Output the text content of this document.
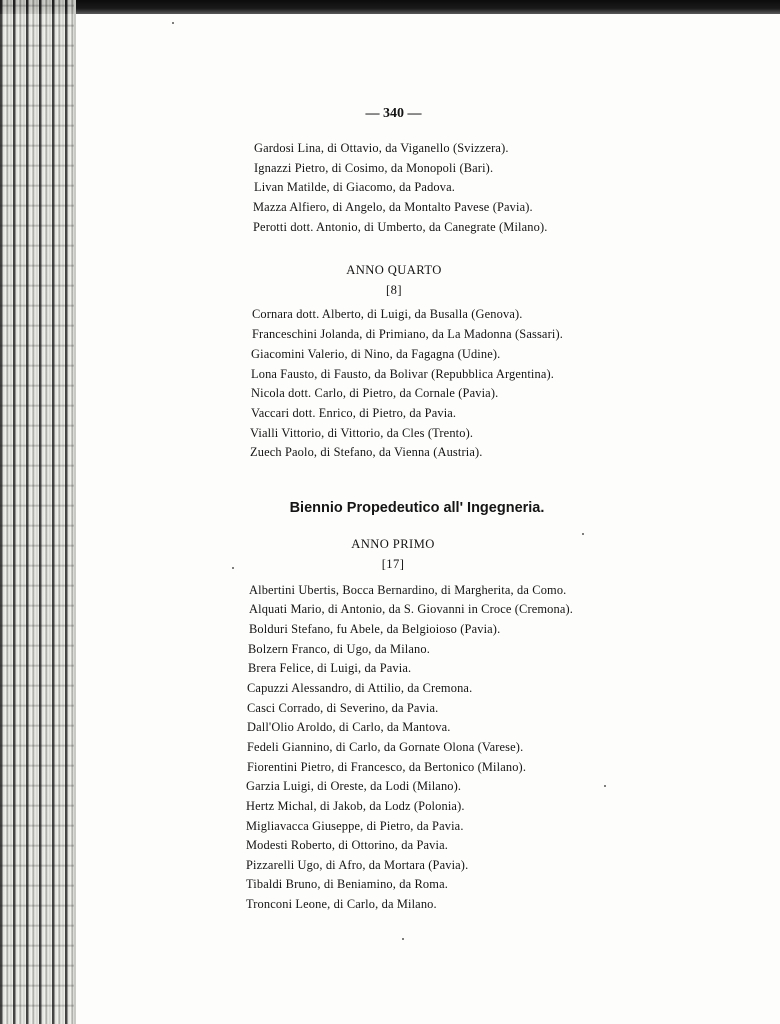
— 340 —
Gardosi Lina, di Ottavio, da Viganello (Svizzera).
Ignazzi Pietro, di Cosimo, da Monopoli (Bari).
Livan Matilde, di Giacomo, da Padova.
Mazza Alfiero, di Angelo, da Montalto Pavese (Pavia).
Perotti dott. Antonio, di Umberto, da Canegrate (Milano).
ANNO QUARTO
[8]
Cornara dott. Alberto, di Luigi, da Busalla (Genova).
Franceschini Jolanda, di Primiano, da La Madonna (Sassari).
Giacomini Valerio, di Nino, da Fagagna (Udine).
Lona Fausto, di Fausto, da Bolivar (Repubblica Argentina).
Nicola dott. Carlo, di Pietro, da Cornale (Pavia).
Vaccari dott. Enrico, di Pietro, da Pavia.
Vialli Vittorio, di Vittorio, da Cles (Trento).
Zuech Paolo, di Stefano, da Vienna (Austria).
Biennio Propedeutico all' Ingegneria.
ANNO PRIMO
[17]
Albertini Ubertis, Bocca Bernardino, di Margherita, da Como.
Alquati Mario, di Antonio, da S. Giovanni in Croce (Cremona).
Bolduri Stefano, fu Abele, da Belgioioso (Pavia).
Bolzern Franco, di Ugo, da Milano.
Brera Felice, di Luigi, da Pavia.
Capuzzi Alessandro, di Attilio, da Cremona.
Casci Corrado, di Severino, da Pavia.
Dall'Olio Aroldo, di Carlo, da Mantova.
Fedeli Giannino, di Carlo, da Gornate Olona (Varese).
Fiorentini Pietro, di Francesco, da Bertonico (Milano).
Garzia Luigi, di Oreste, da Lodi (Milano).
Hertz Michal, di Jakob, da Lodz (Polonia).
Migliavacca Giuseppe, di Pietro, da Pavia.
Modesti Roberto, di Ottorino, da Pavia.
Pizzarelli Ugo, di Afro, da Mortara (Pavia).
Tibaldi Bruno, di Beniamino, da Roma.
Tronconi Leone, di Carlo, da Milano.
